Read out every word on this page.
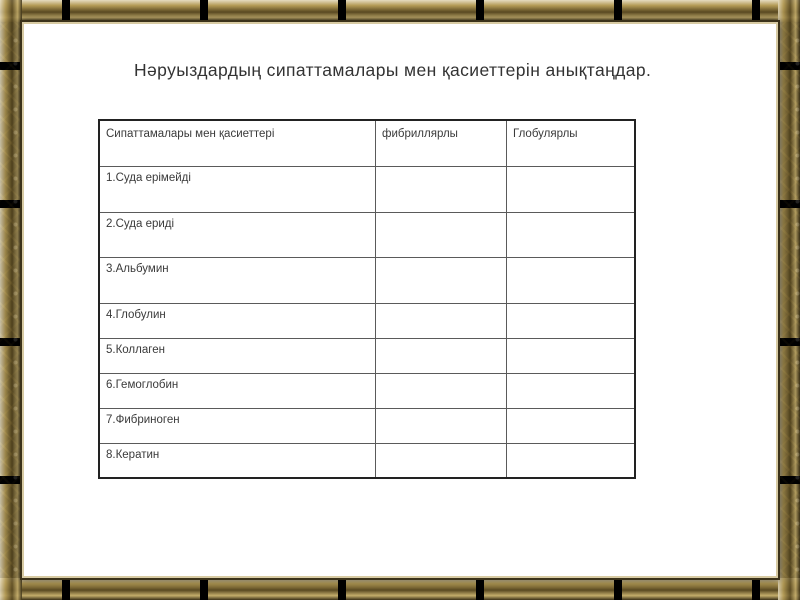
Нәруыздардың сипаттамалары мен қасиеттерін анықтаңдар.
Сипаттамалары мен қасиеттері	фибриллярлы	Глобулярлы
1.Суда ерімейді		
2.Суда ериді		
3.Альбумин		
4.Глобулин		
5.Коллаген		
6.Гемоглобин		
7.Фибриноген		
8.Кератин		
